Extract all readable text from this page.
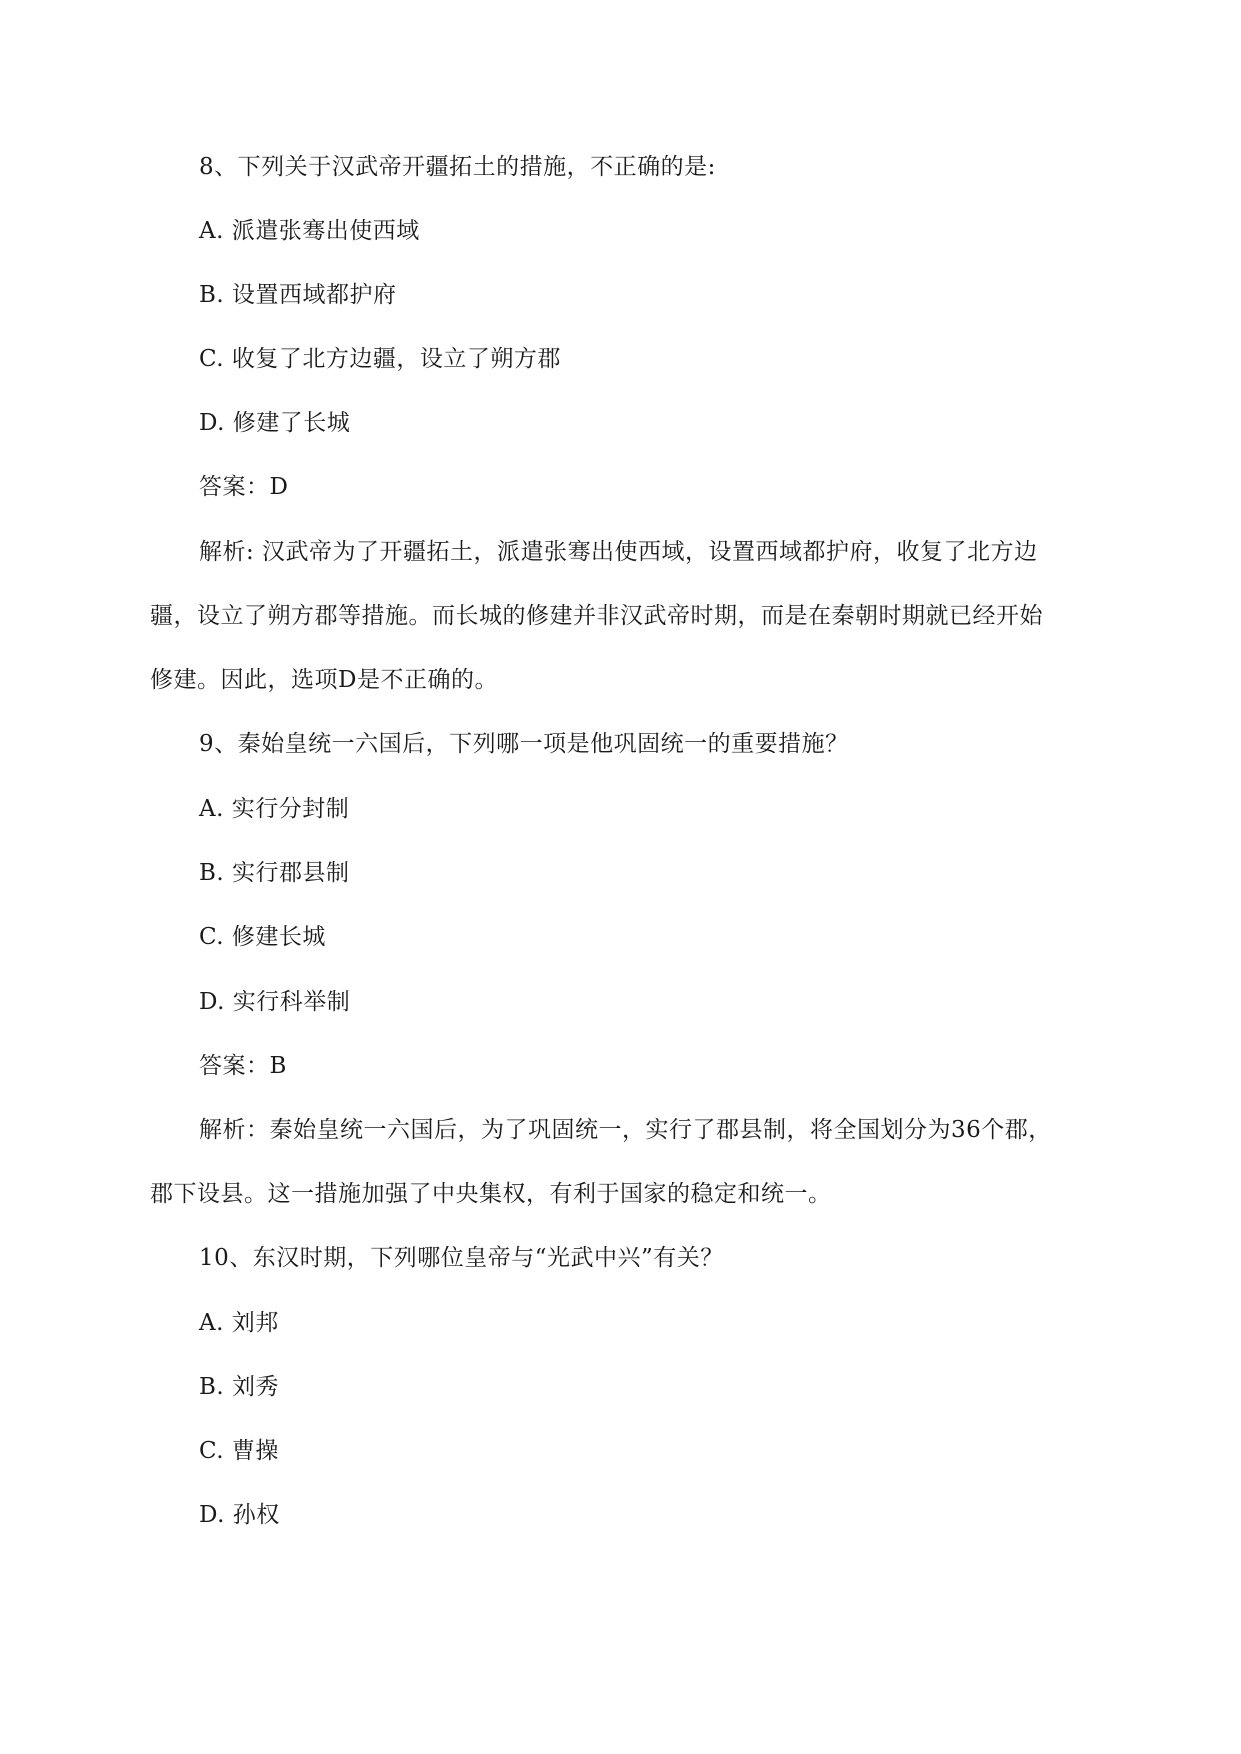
8、下列关于汉武帝开疆拓土的措施，不正确的是:
A. 派遣张骞出使西域
B. 设置西域都护府
C. 收复了北方边疆，设立了朔方郡
D. 修建了长城
答案：D
解析: 汉武帝为了开疆拓土，派遣张骞出使西域，设置西域都护府，收复了北方边
疆，设立了朔方郡等措施。而长城的修建并非汉武帝时期，而是在秦朝时期就已经开始
修建。因此，选项D是不正确的。
9、秦始皇统一六国后，下列哪一项是他巩固统一的重要措施？
A. 实行分封制
B. 实行郡县制
C. 修建长城
D. 实行科举制
答案：B
解析：秦始皇统一六国后，为了巩固统一，实行了郡县制，将全国划分为36个郡，
郡下设县。这一措施加强了中央集权，有利于国家的稳定和统一。
10、东汉时期，下列哪位皇帝与“光武中兴”有关？
A. 刘邦
B. 刘秀
C. 曹操
D. 孙权
